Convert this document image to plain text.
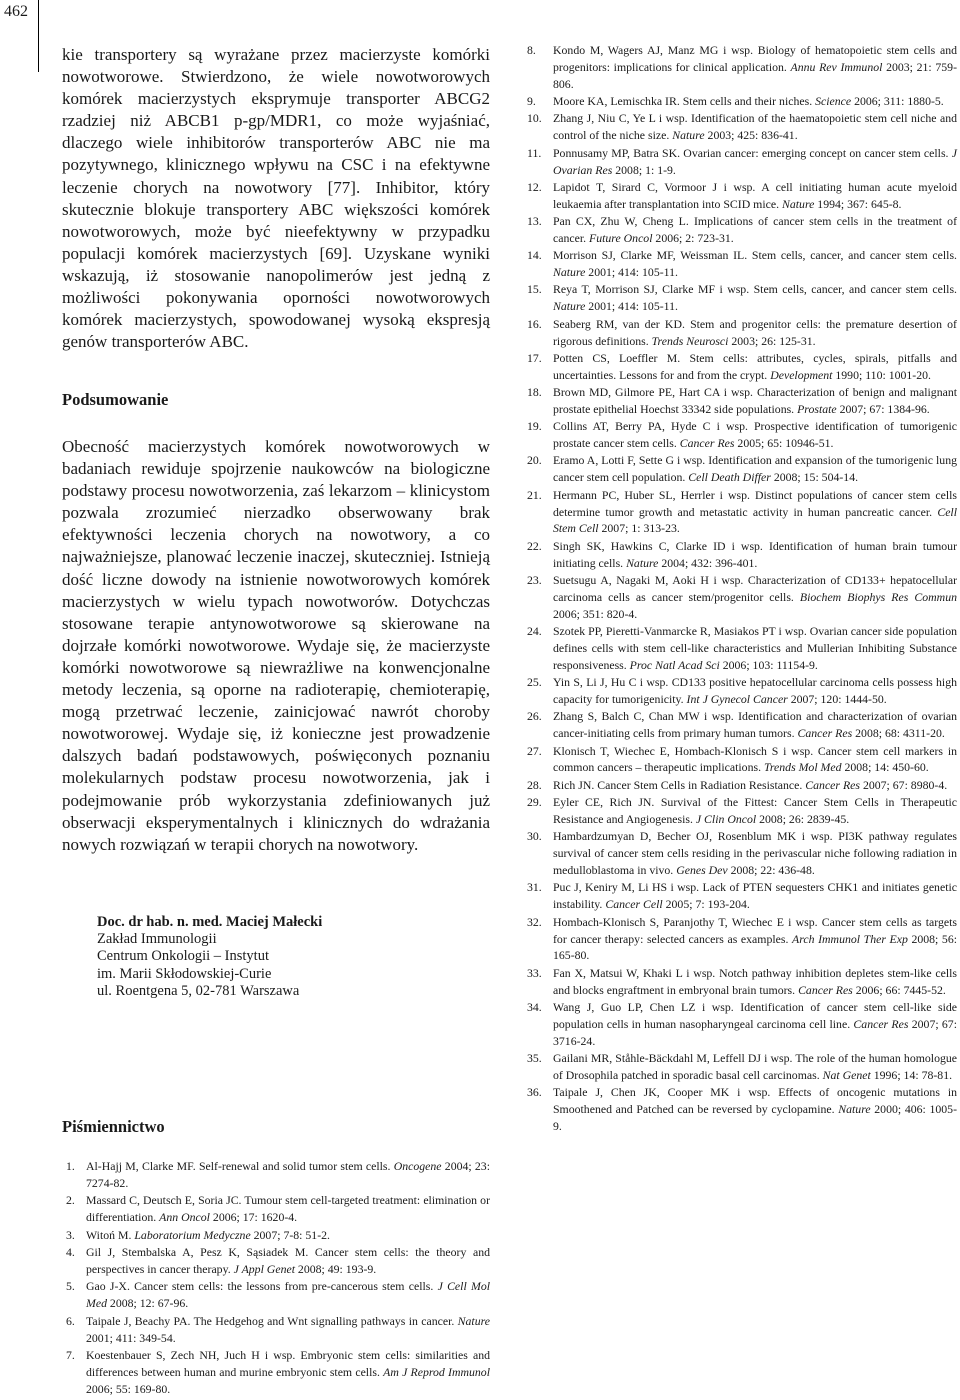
462

kie transportery są wyrażane przez macierzyste komórki nowotworowe. Stwierdzono, że wiele nowotworowych komórek macierzystych eksprymuje transporter ABCG2 rzadziej niż ABCB1 p-gp/MDR1, co może wyjaśniać, dlaczego wiele inhibitorów transporterów ABC nie ma pozytywnego, klinicznego wpływu na CSC i na efektywne leczenie chorych na nowotwory [77]. Inhibitor, który skutecznie blokuje transportery ABC większości komórek nowotworowych, może być nieefektywny w przypadku populacji komórek macierzystych [69]. Uzyskane wyniki wskazują, iż stosowanie nanopolimerów jest jedną z możliwości pokonywania oporności nowotworowych komórek macierzystych, spowodowanej wysoką ekspresją genów transporterów ABC.

Podsumowanie

Obecność macierzystych komórek nowotworowych w badaniach rewiduje spojrzenie naukowców na biologiczne podstawy procesu nowotworzenia, zaś lekarzom – klinicystom pozwala zrozumieć nierzadko obserwowany brak efektywności leczenia chorych na nowotwory, a co najważniejsze, planować leczenie inaczej, skuteczniej. Istnieją dość liczne dowody na istnienie nowotworowych komórek macierzystych w wielu typach nowotworów. Dotychczas stosowane terapie antynowotworowe są skierowane na dojrzałe komórki nowotworowe. Wydaje się, że macierzyste komórki nowotworowe są niewrażliwe na konwencjonalne metody leczenia, są oporne na radioterapię, chemioterapię, mogą przetrwać leczenie, zainicjować nawrót choroby nowotworowej. Wydaje się, iż konieczne jest prowadzenie dalszych badań podstawowych, poświęconych poznaniu molekularnych podstaw procesu nowotworzenia, jak i podejmowanie prób wykorzystania zdefiniowanych już obserwacji eksperymentalnych i klinicznych do wdrażania nowych rozwiązań w terapii chorych na nowotwory.

Doc. dr hab. n. med. Maciej Małecki
Zakład Immunologii
Centrum Onkologii – Instytut
im. Marii Skłodowskiej-Curie
ul. Roentgena 5, 02-781 Warszawa
Piśmiennictwo
1. Al-Hajj M, Clarke MF. Self-renewal and solid tumor stem cells. Oncogene 2004; 23: 7274-82.
2. Massard C, Deutsch E, Soria JC. Tumour stem cell-targeted treatment: elimination or differentiation. Ann Oncol 2006; 17: 1620-4.
3. Witoń M. Laboratorium Medyczne 2007; 7-8: 51-2.
4. Gil J, Stembalska A, Pesz K, Sąsiadek M. Cancer stem cells: the theory and perspectives in cancer therapy. J Appl Genet 2008; 49: 193-9.
5. Gao J-X. Cancer stem cells: the lessons from pre-cancerous stem cells. J Cell Mol Med 2008; 12: 67-96.
6. Taipale J, Beachy PA. The Hedgehog and Wnt signalling pathways in cancer. Nature 2001; 411: 349-54.
7. Koestenbauer S, Zech NH, Juch H i wsp. Embryonic stem cells: similarities and differences between human and murine embryonic stem cells. Am J Reprod Immunol 2006; 55: 169-80.
8. Kondo M, Wagers AJ, Manz MG i wsp. Biology of hematopoietic stem cells and progenitors: implications for clinical application. Annu Rev Immunol 2003; 21: 759-806.
9. Moore KA, Lemischka IR. Stem cells and their niches. Science 2006; 311: 1880-5.
10. Zhang J, Niu C, Ye L i wsp. Identification of the haematopoietic stem cell niche and control of the niche size. Nature 2003; 425: 836-41.
11. Ponnusamy MP, Batra SK. Ovarian cancer: emerging concept on cancer stem cells. J Ovarian Res 2008; 1: 1-9.
12. Lapidot T, Sirard C, Vormoor J i wsp. A cell initiating human acute myeloid leukaemia after transplantation into SCID mice. Nature 1994; 367: 645-8.
13. Pan CX, Zhu W, Cheng L. Implications of cancer stem cells in the treatment of cancer. Future Oncol 2006; 2: 723-31.
14. Morrison SJ, Clarke MF, Weissman IL. Stem cells, cancer, and cancer stem cells. Nature 2001; 414: 105-11.
15. Reya T, Morrison SJ, Clarke MF i wsp. Stem cells, cancer, and cancer stem cells. Nature 2001; 414: 105-11.
16. Seaberg RM, van der KD. Stem and progenitor cells: the premature desertion of rigorous definitions. Trends Neurosci 2003; 26: 125-31.
17. Potten CS, Loeffler M. Stem cells: attributes, cycles, spirals, pitfalls and uncertainties. Lessons for and from the crypt. Development 1990; 110: 1001-20.
18. Brown MD, Gilmore PE, Hart CA i wsp. Characterization of benign and malignant prostate epithelial Hoechst 33342 side populations. Prostate 2007; 67: 1384-96.
19. Collins AT, Berry PA, Hyde C i wsp. Prospective identification of tumorigenic prostate cancer stem cells. Cancer Res 2005; 65: 10946-51.
20. Eramo A, Lotti F, Sette G i wsp. Identification and expansion of the tumorigenic lung cancer stem cell population. Cell Death Differ 2008; 15: 504-14.
21. Hermann PC, Huber SL, Herrler i wsp. Distinct populations of cancer stem cells determine tumor growth and metastatic activity in human pancreatic cancer. Cell Stem Cell 2007; 1: 313-23.
22. Singh SK, Hawkins C, Clarke ID i wsp. Identification of human brain tumour initiating cells. Nature 2004; 432: 396-401.
23. Suetsugu A, Nagaki M, Aoki H i wsp. Characterization of CD133+ hepatocellular carcinoma cells as cancer stem/progenitor cells. Biochem Biophys Res Commun 2006; 351: 820-4.
24. Szotek PP, Pieretti-Vanmarcke R, Masiakos PT i wsp. Ovarian cancer side population defines cells with stem cell-like characteristics and Mullerian Inhibiting Substance responsiveness. Proc Natl Acad Sci 2006; 103: 11154-9.
25. Yin S, Li J, Hu C i wsp. CD133 positive hepatocellular carcinoma cells possess high capacity for tumorigenicity. Int J Gynecol Cancer 2007; 120: 1444-50.
26. Zhang S, Balch C, Chan MW i wsp. Identification and characterization of ovarian cancer-initiating cells from primary human tumors. Cancer Res 2008; 68: 4311-20.
27. Klonisch T, Wiechec E, Hombach-Klonisch S i wsp. Cancer stem cell markers in common cancers – therapeutic implications. Trends Mol Med 2008; 14: 450-60.
28. Rich JN. Cancer Stem Cells in Radiation Resistance. Cancer Res 2007; 67: 8980-4.
29. Eyler CE, Rich JN. Survival of the Fittest: Cancer Stem Cells in Therapeutic Resistance and Angiogenesis. J Clin Oncol 2008; 26: 2839-45.
30. Hambardzumyan D, Becher OJ, Rosenblum MK i wsp. PI3K pathway regulates survival of cancer stem cells residing in the perivascular niche following radiation in medulloblastoma in vivo. Genes Dev 2008; 22: 436-48.
31. Puc J, Keniry M, Li HS i wsp. Lack of PTEN sequesters CHK1 and initiates genetic instability. Cancer Cell 2005; 7: 193-204.
32. Hombach-Klonisch S, Paranjothy T, Wiechec E i wsp. Cancer stem cells as targets for cancer therapy: selected cancers as examples. Arch Immunol Ther Exp 2008; 56: 165-80.
33. Fan X, Matsui W, Khaki L i wsp. Notch pathway inhibition depletes stem-like cells and blocks engraftment in embryonal brain tumors. Cancer Res 2006; 66: 7445-52.
34. Wang J, Guo LP, Chen LZ i wsp. Identification of cancer stem cell-like side population cells in human nasopharyngeal carcinoma cell line. Cancer Res 2007; 67: 3716-24.
35. Gailani MR, Ståhle-Bäckdahl M, Leffell DJ i wsp. The role of the human homologue of Drosophila patched in sporadic basal cell carcinomas. Nat Genet 1996; 14: 78-81.
36. Taipale J, Chen JK, Cooper MK i wsp. Effects of oncogenic mutations in Smoothened and Patched can be reversed by cyclopamine. Nature 2000; 406: 1005-9.
